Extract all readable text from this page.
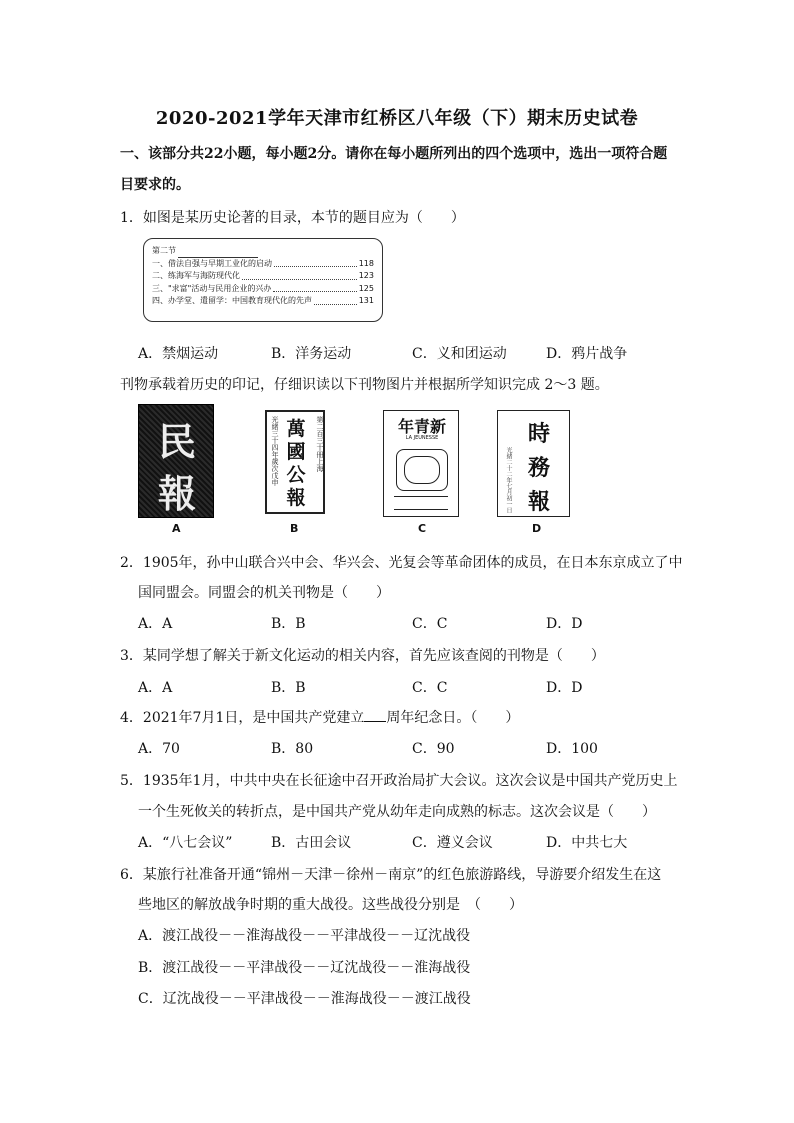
2020-2021学年天津市红桥区八年级（下）期末历史试卷
一、该部分共22小题，每小题2分。请你在每小题所列出的四个选项中，选出一项符合题
目要求的。
1．如图是某历史论著的目录，本节的题目应为（　　）
第二节
一、借法自强与早期工业化的启动	118
二、练海军与海防现代化	123
三、"求富"活动与民用企业的兴办	125
四、办学堂、遣留学：中国教育现代化的先声	131
A．禁烟运动	B．洋务运动	C．义和团运动	D．鸦片战争
刊物承载着历史的印记，仔细识读以下刊物图片并根据所学知识完成 2～3 题。
民
報
A
光緒三十四年歲次戊申 萬
國
公
報
第二百三十冊上海
B
年青新
LA JEUNESSE
C
時
光緒二十二年七月初一日 務
報
D
2．1905年，孙中山联合兴中会、华兴会、光复会等革命团体的成员，在日本东京成立了中
国同盟会。同盟会的机关刊物是（　　）
A．A	B．B	C．C	D．D
3．某同学想了解关于新文化运动的相关内容，首先应该查阅的刊物是（　　）
A．A	B．B	C．C	D．D
4．2021年7月1日，是中国共产党建立 周年纪念日。（　　）
A．70	B．80	C．90	D．100
5．1935年1月，中共中央在长征途中召开政治局扩大会议。这次会议是中国共产党历史上
一个生死攸关的转折点，是中国共产党从幼年走向成熟的标志。这次会议是（　　）
A．“八七会议”	B．古田会议	C．遵义会议	D．中共七大
6．某旅行社准备开通“锦州－天津－徐州－南京”的红色旅游路线，导游要介绍发生在这
些地区的解放战争时期的重大战役。这些战役分别是　（　　）
A．渡江战役－－淮海战役－－平津战役－－辽沈战役
B．渡江战役－－平津战役－－辽沈战役－－淮海战役
C．辽沈战役－－平津战役－－淮海战役－－渡江战役
